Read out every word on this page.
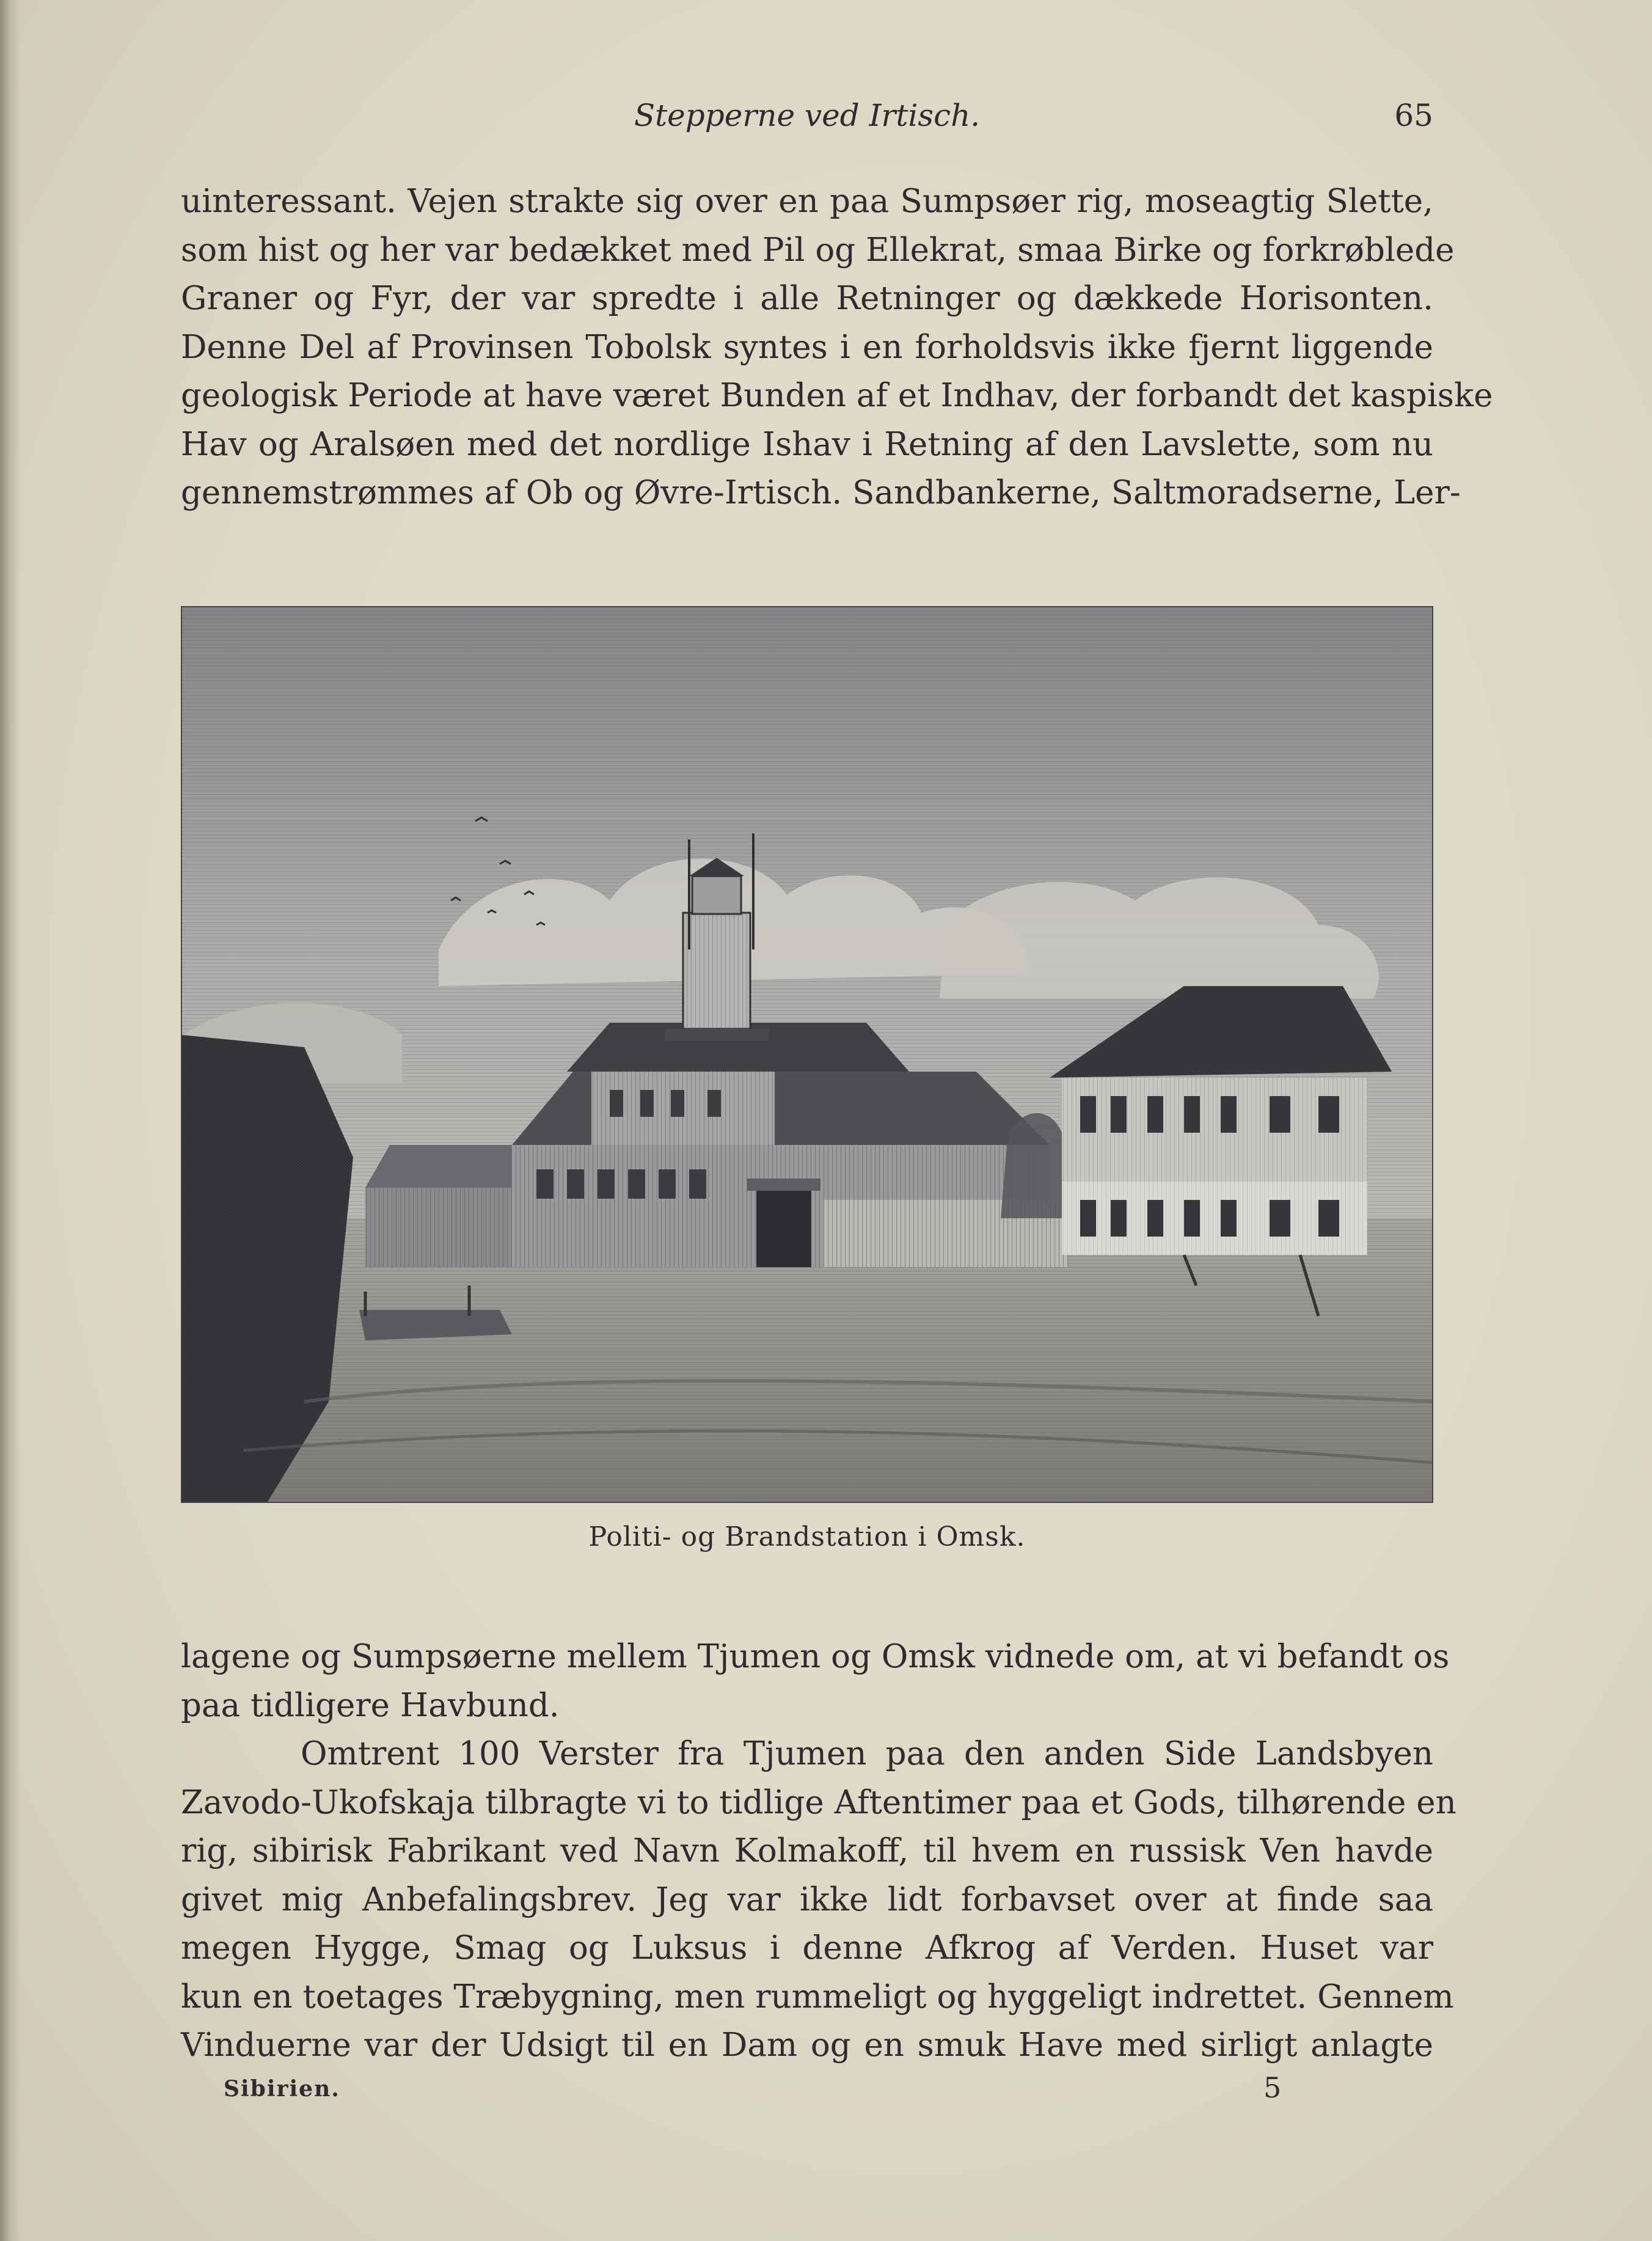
Stepperne ved Irtisch.	65
uinteressant. Vejen strakte sig over en paa Sumpsøer rig, moseagtig Slette,
som hist og her var bedækket med Pil og Ellekrat, smaa Birke og forkrøblede
Graner og Fyr, der var spredte i alle Retninger og dækkede Horisonten.
Denne Del af Provinsen Tobolsk syntes i en forholdsvis ikke fjernt liggende
geologisk Periode at have været Bunden af et Indhav, der forbandt det kaspiske
Hav og Aralsøen med det nordlige Ishav i Retning af den Lavslette, som nu
gennemstrømmes af Ob og Øvre-Irtisch. Sandbankerne, Saltmoradserne, Ler-
Politi- og Brandstation i Omsk.
lagene og Sumpsøerne mellem Tjumen og Omsk vidnede om, at vi befandt os
paa tidligere Havbund.
Omtrent 100 Verster fra Tjumen paa den anden Side Landsbyen
Zavodo-Ukofskaja tilbragte vi to tidlige Aftentimer paa et Gods, tilhørende en
rig, sibirisk Fabrikant ved Navn Kolmakoff, til hvem en russisk Ven havde
givet mig Anbefalingsbrev. Jeg var ikke lidt forbavset over at finde saa
megen Hygge, Smag og Luksus i denne Afkrog af Verden. Huset var
kun en toetages Træbygning, men rummeligt og hyggeligt indrettet. Gennem
Vinduerne var der Udsigt til en Dam og en smuk Have med sirligt anlagte
Sibirien.	5
